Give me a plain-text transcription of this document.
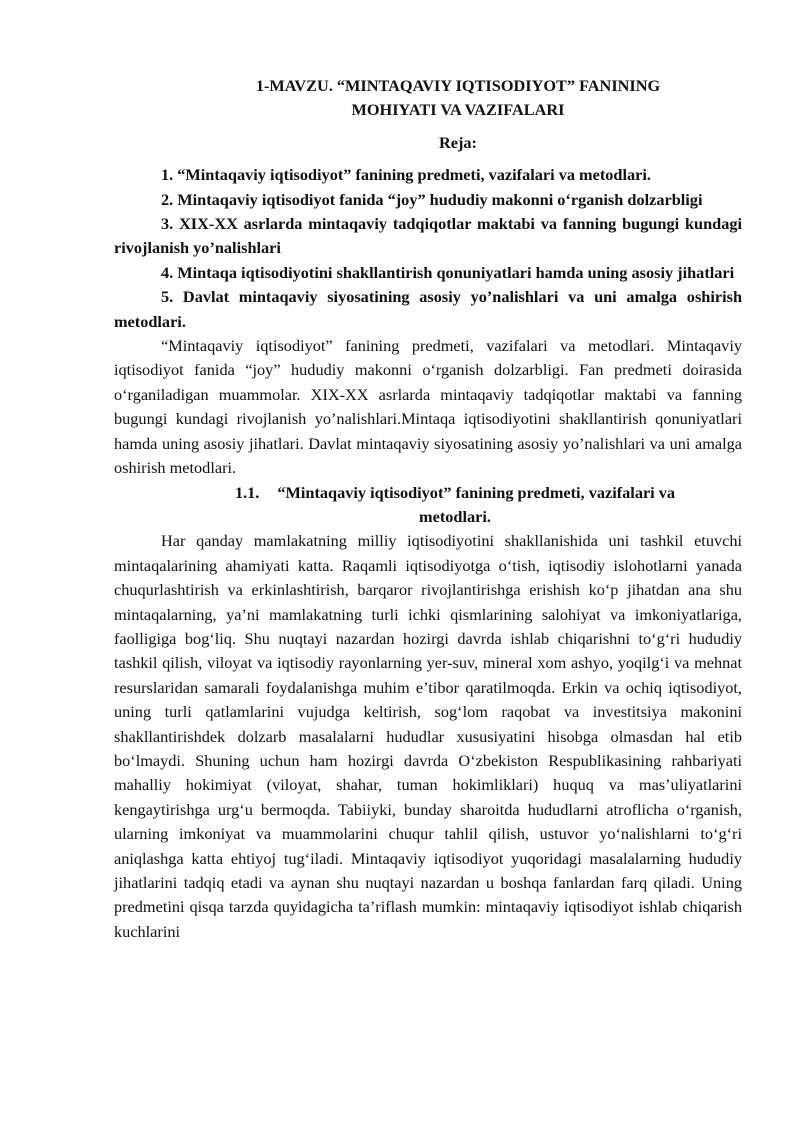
1-MAVZU. “MINTAQAVIY IQTISODIYOT” FANINING
MOHIYATI VA VAZIFALARI

Reja:

1. “Mintaqaviy iqtisodiyot” fanining predmeti, vazifalari va metodlari.

2. Mintaqaviy iqtisodiyot fanida “joy” hududiy makonni o‘rganish dolzarbligi

3. XIX-XX asrlarda mintaqaviy tadqiqotlar maktabi va fanning bugungi kundagi rivojlanish yo’nalishlari

4. Mintaqa iqtisodiyotini shakllantirish qonuniyatlari hamda uning asosiy jihatlari

5. Davlat mintaqaviy siyosatining asosiy yo’nalishlari va uni amalga oshirish metodlari.

“Mintaqaviy iqtisodiyot” fanining predmeti, vazifalari va metodlari. Mintaqaviy iqtisodiyot fanida “joy” hududiy makonni o‘rganish dolzarbligi. Fan predmeti doirasida o‘rganiladigan muammolar. XIX-XX asrlarda mintaqaviy tadqiqotlar maktabi va fanning bugungi kundagi rivojlanish yo’nalishlari.Mintaqa iqtisodiyotini shakllantirish qonuniyatlari hamda uning asosiy jihatlari. Davlat mintaqaviy siyosatining asosiy yo’nalishlari va uni amalga oshirish metodlari.

1.1. “Mintaqaviy iqtisodiyot” fanining predmeti, vazifalari va metodlari.

Har qanday mamlakatning milliy iqtisodiyotini shakllanishida uni tashkil etuvchi mintaqalarining ahamiyati katta. Raqamli iqtisodiyotga o‘tish, iqtisodiy islohotlarni yanada chuqurlashtirish va erkinlashtirish, barqaror rivojlantirishga erishish ko‘p jihatdan ana shu mintaqalarning, ya’ni mamlakatning turli ichki qismlarining salohiyat va imkoniyatlariga, faolligiga bog‘liq. Shu nuqtayi nazardan hozirgi davrda ishlab chiqarishni to‘g‘ri hududiy tashkil qilish, viloyat va iqtisodiy rayonlarning yer-suv, mineral xom ashyo, yoqilg‘i va mehnat resurslaridan samarali foydalanishga muhim e’tibor qaratilmoqda. Erkin va ochiq iqtisodiyot, uning turli qatlamlarini vujudga keltirish, sog‘lom raqobat va investitsiya makonini shakllantirishdek dolzarb masalalarni hududlar xususiyatini hisobga olmasdan hal etib bo‘lmaydi. Shuning uchun ham hozirgi davrda O‘zbekiston Respublikasining rahbariyati mahalliy hokimiyat (viloyat, shahar, tuman hokimliklari) huquq va mas’uliyatlarini kengaytirishga urg‘u bermoqda. Tabiiyki, bunday sharoitda hududlarni atroflicha o‘rganish, ularning imkoniyat va muammolarini chuqur tahlil qilish, ustuvor yo‘nalishlarni to‘g‘ri aniqlashga katta ehtiyoj tug‘iladi. Mintaqaviy iqtisodiyot yuqoridagi masalalarning hududiy jihatlarini tadqiq etadi va aynan shu nuqtayi nazardan u boshqa fanlardan farq qiladi. Uning predmetini qisqa tarzda quyidagicha ta’riflash mumkin: mintaqaviy iqtisodiyot ishlab chiqarish kuchlarini
